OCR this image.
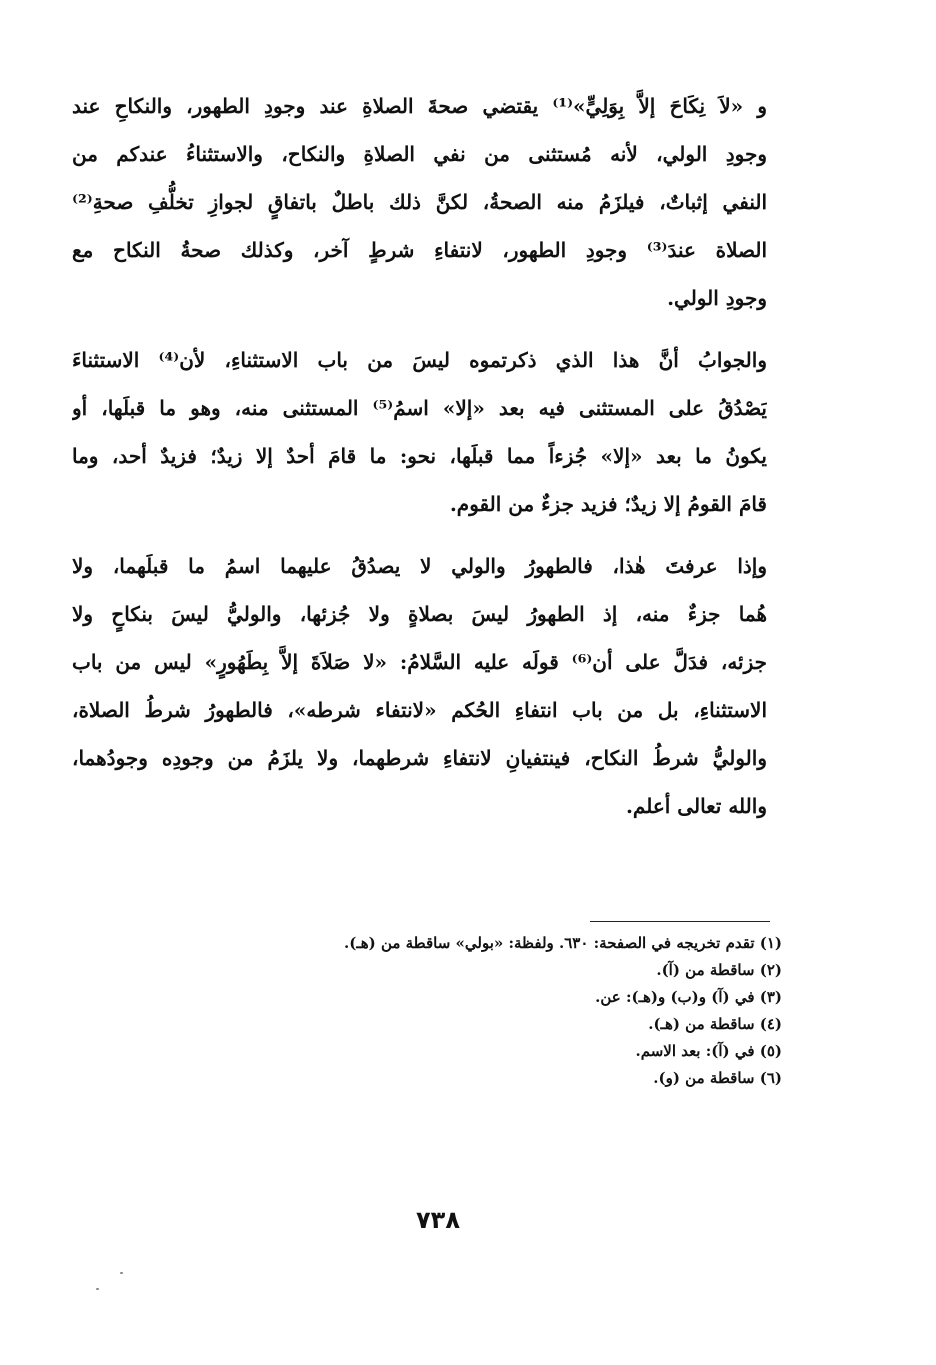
و «لاَ نِكَاحَ إلاَّ بِوَلِيٍّ»⁽¹⁾ يقتضي صحةَ الصلاةِ عند وجودِ الطهور، والنكاحِ عند
وجودِ الولي، لأنه مُستثنى من نفي الصلاةِ والنكاح، والاستثناءُ عندكم من
النفي إثباتٌ، فيلزَمُ منه الصحةُ، لكنَّ ذلك باطلٌ باتفاقٍ لجوازِ تخلُّفِ صحةِ⁽²⁾
الصلاة عندَ⁽³⁾ وجودِ الطهور، لانتفاءِ شرطٍ آخر، وكذلك صحةُ النكاح مع
وجودِ الولي.
والجوابُ أنَّ هذا الذي ذكرتموه ليسَ من باب الاستثناءِ، لأن⁽⁴⁾ الاستثناءَ
يَصْدُقُ على المستثنى فيه بعد «إلا» اسمُ⁽⁵⁾ المستثنى منه، وهو ما قبلَها، أو
يكونُ ما بعد «إلا» جُزءاً مما قبلَها، نحو: ما قامَ أحدٌ إلا زيدٌ؛ فزيدٌ أحد، وما
قامَ القومُ إلا زيدٌ؛ فزيد جزءٌ من القوم.
وإذا عرفتَ هٰذا، فالطهورُ والولي لا يصدُقُ عليهما اسمُ ما قبلَهما، ولا
هُما جزءٌ منه، إذ الطهورُ ليسَ بصلاةٍ ولا جُزئها، والوليُّ ليسَ بنكاحٍ ولا
جزئه، فدَلَّ على أن⁽⁶⁾ قولَه عليه السَّلامُ: «لا صَلاَةَ إلاَّ بِطَهُورٍ» ليس من باب
الاستثناءِ، بل من باب انتفاءِ الحُكم «لانتفاء شرطه»، فالطهورُ شرطُ الصلاة،
والوليُّ شرطُ النكاح، فينتفيانِ لانتفاءِ شرطهما، ولا يلزَمُ من وجودِه وجودُهما،
والله تعالى أعلم.
(١) تقدم تخريجه في الصفحة: ٦٣٠. ولفظة: «بولي» ساقطة من (هـ).
(٢) ساقطة من (آ).
(٣) في (آ) و(ب) و(هـ): عن.
(٤) ساقطة من (هـ).
(٥) في (آ): بعد الاسم.
(٦) ساقطة من (و).
٧٣٨
